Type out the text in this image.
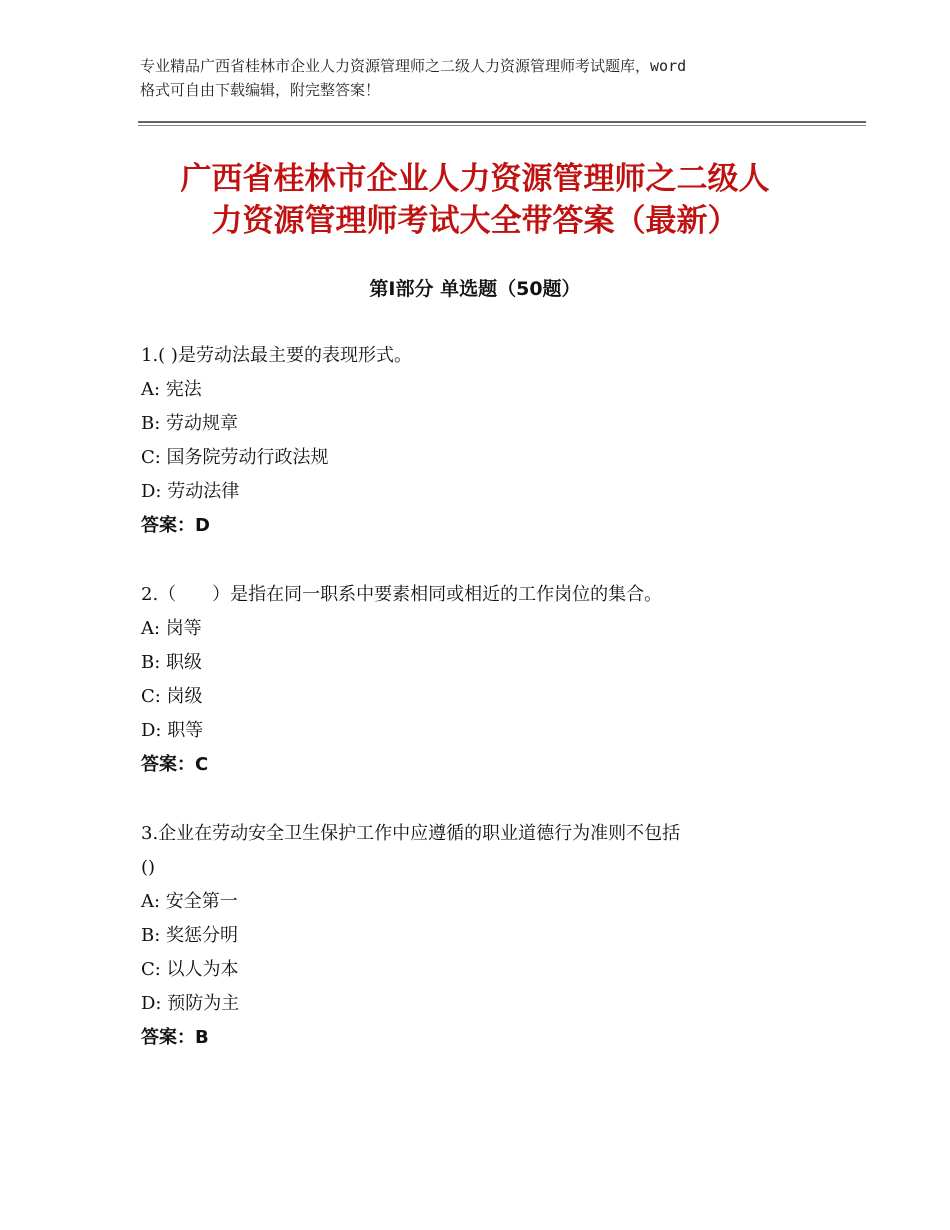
专业精品广西省桂林市企业人力资源管理师之二级人力资源管理师考试题库，word
格式可自由下载编辑，附完整答案！
广西省桂林市企业人力资源管理师之二级人
力资源管理师考试大全带答案（最新）
第Ⅰ部分 单选题（50题）
1.( )是劳动法最主要的表现形式。
A: 宪法
B: 劳动规章
C: 国务院劳动行政法规
D: 劳动法律
答案：D
2.（　　）是指在同一职系中要素相同或相近的工作岗位的集合。
A: 岗等
B: 职级
C: 岗级
D: 职等
答案：C
3.企业在劳动安全卫生保护工作中应遵循的职业道德行为准则不包括
()
A: 安全第一
B: 奖惩分明
C: 以人为本
D: 预防为主
答案：B
